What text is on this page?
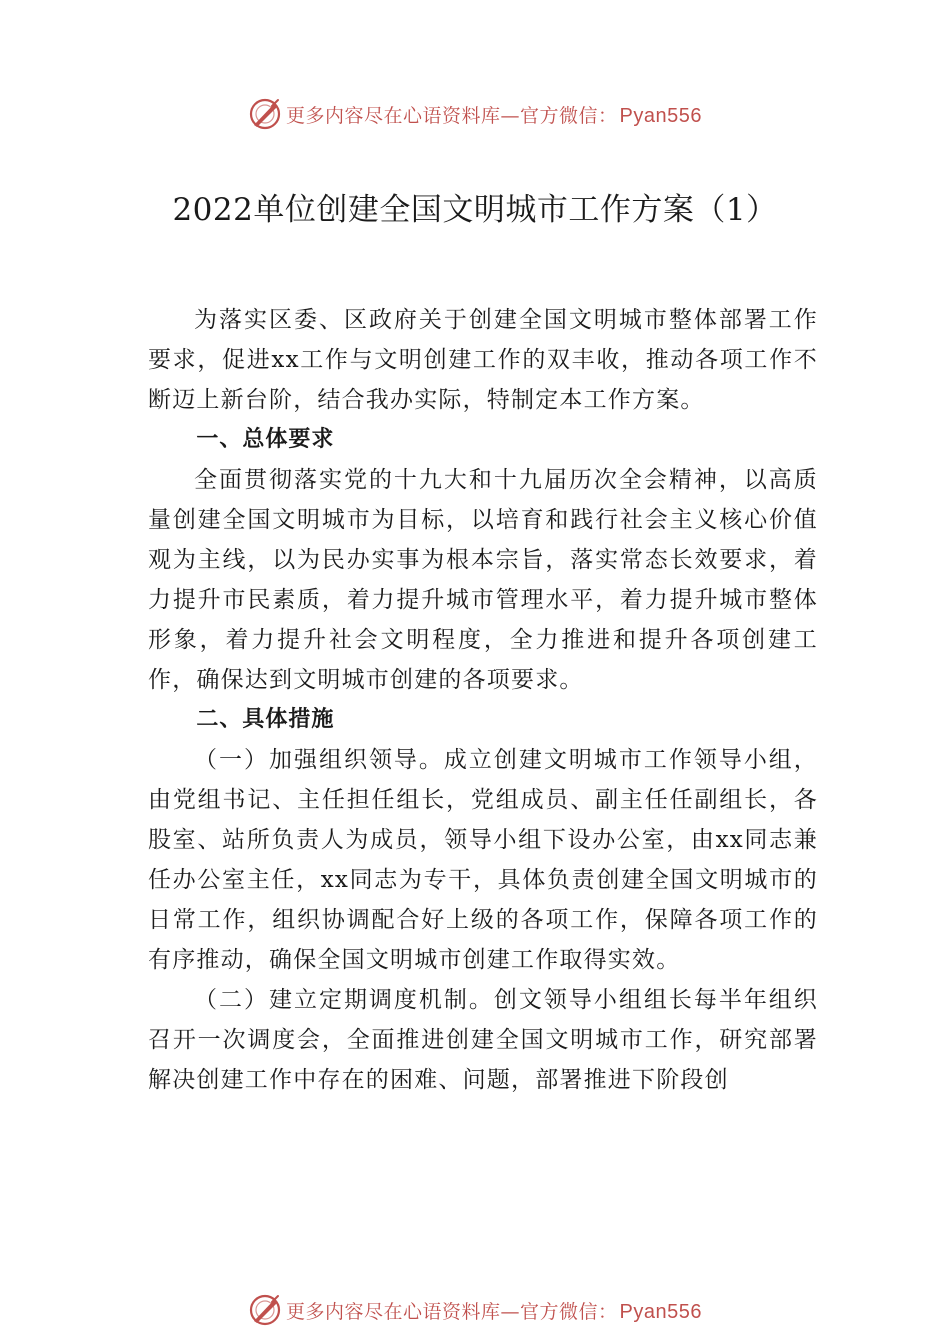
更多内容尽在心语资料库—官方微信： Pyan556
2022单位创建全国文明城市工作方案（1）

为落实区委、区政府关于创建全国文明城市整体部署工作要求，促进xx工作与文明创建工作的双丰收，推动各项工作不断迈上新台阶，结合我办实际，特制定本工作方案。

一、总体要求

全面贯彻落实党的十九大和十九届历次全会精神，以高质量创建全国文明城市为目标，以培育和践行社会主义核心价值观为主线，以为民办实事为根本宗旨，落实常态长效要求，着力提升市民素质，着力提升城市管理水平，着力提升城市整体形象，着力提升社会文明程度，全力推进和提升各项创建工作，确保达到文明城市创建的各项要求。

二、具体措施

（一）加强组织领导。成立创建文明城市工作领导小组，由党组书记、主任担任组长，党组成员、副主任任副组长，各股室、站所负责人为成员，领导小组下设办公室，由xx同志兼任办公室主任，xx同志为专干，具体负责创建全国文明城市的日常工作，组织协调配合好上级的各项工作，保障各项工作的有序推动，确保全国文明城市创建工作取得实效。

（二）建立定期调度机制。创文领导小组组长每半年组织召开一次调度会，全面推进创建全国文明城市工作，研究部署解决创建工作中存在的困难、问题，部署推进下阶段创

更多内容尽在心语资料库—官方微信： Pyan556
